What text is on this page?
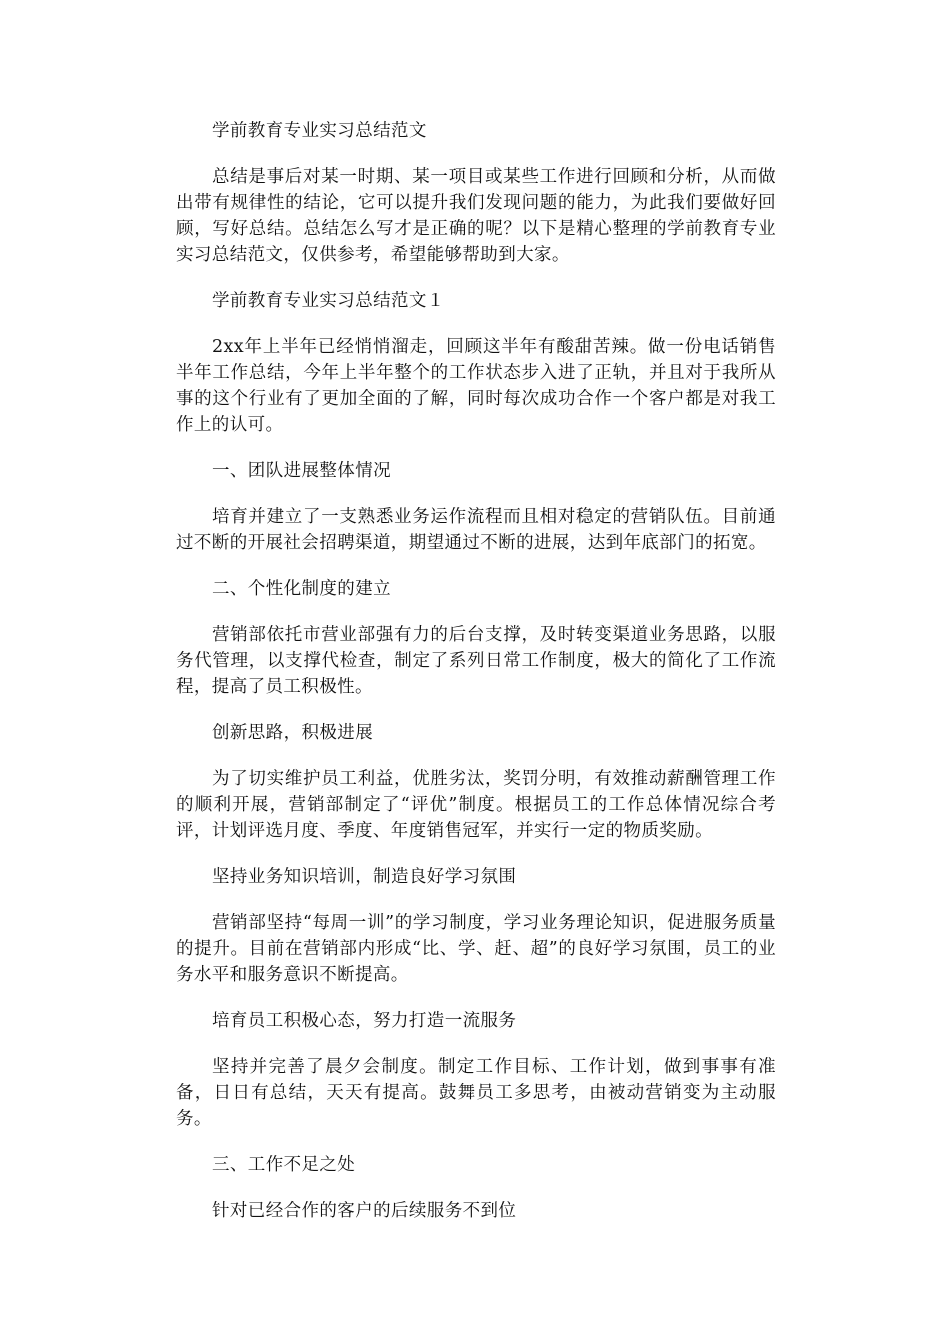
学前教育专业实习总结范文

总结是事后对某一时期、某一项目或某些工作进行回顾和分析，从而做出带有规律性的结论，它可以提升我们发现问题的能力，为此我们要做好回顾，写好总结。总结怎么写才是正确的呢？以下是精心整理的学前教育专业实习总结范文，仅供参考，希望能够帮助到大家。

学前教育专业实习总结范文１

2xx年上半年已经悄悄溜走，回顾这半年有酸甜苦辣。做一份电话销售半年工作总结，今年上半年整个的工作状态步入进了正轨，并且对于我所从事的这个行业有了更加全面的了解，同时每次成功合作一个客户都是对我工作上的认可。

一、团队进展整体情况

培育并建立了一支熟悉业务运作流程而且相对稳定的营销队伍。目前通过不断的开展社会招聘渠道，期望通过不断的进展，达到年底部门的拓宽。

二、个性化制度的建立

营销部依托市营业部强有力的后台支撑，及时转变渠道业务思路，以服务代管理，以支撑代检查，制定了系列日常工作制度，极大的简化了工作流程，提高了员工积极性。

创新思路，积极进展

为了切实维护员工利益，优胜劣汰，奖罚分明，有效推动薪酬管理工作的顺利开展，营销部制定了“评优”制度。根据员工的工作总体情况综合考评，计划评选月度、季度、年度销售冠军，并实行一定的物质奖励。

坚持业务知识培训，制造良好学习氛围

营销部坚持“每周一训”的学习制度，学习业务理论知识，促进服务质量的提升。目前在营销部内形成“比、学、赶、超”的良好学习氛围，员工的业务水平和服务意识不断提高。

培育员工积极心态，努力打造一流服务

坚持并完善了晨夕会制度。制定工作目标、工作计划，做到事事有准备，日日有总结，天天有提高。鼓舞员工多思考，由被动营销变为主动服务。

三、工作不足之处

针对已经合作的客户的后续服务不到位
